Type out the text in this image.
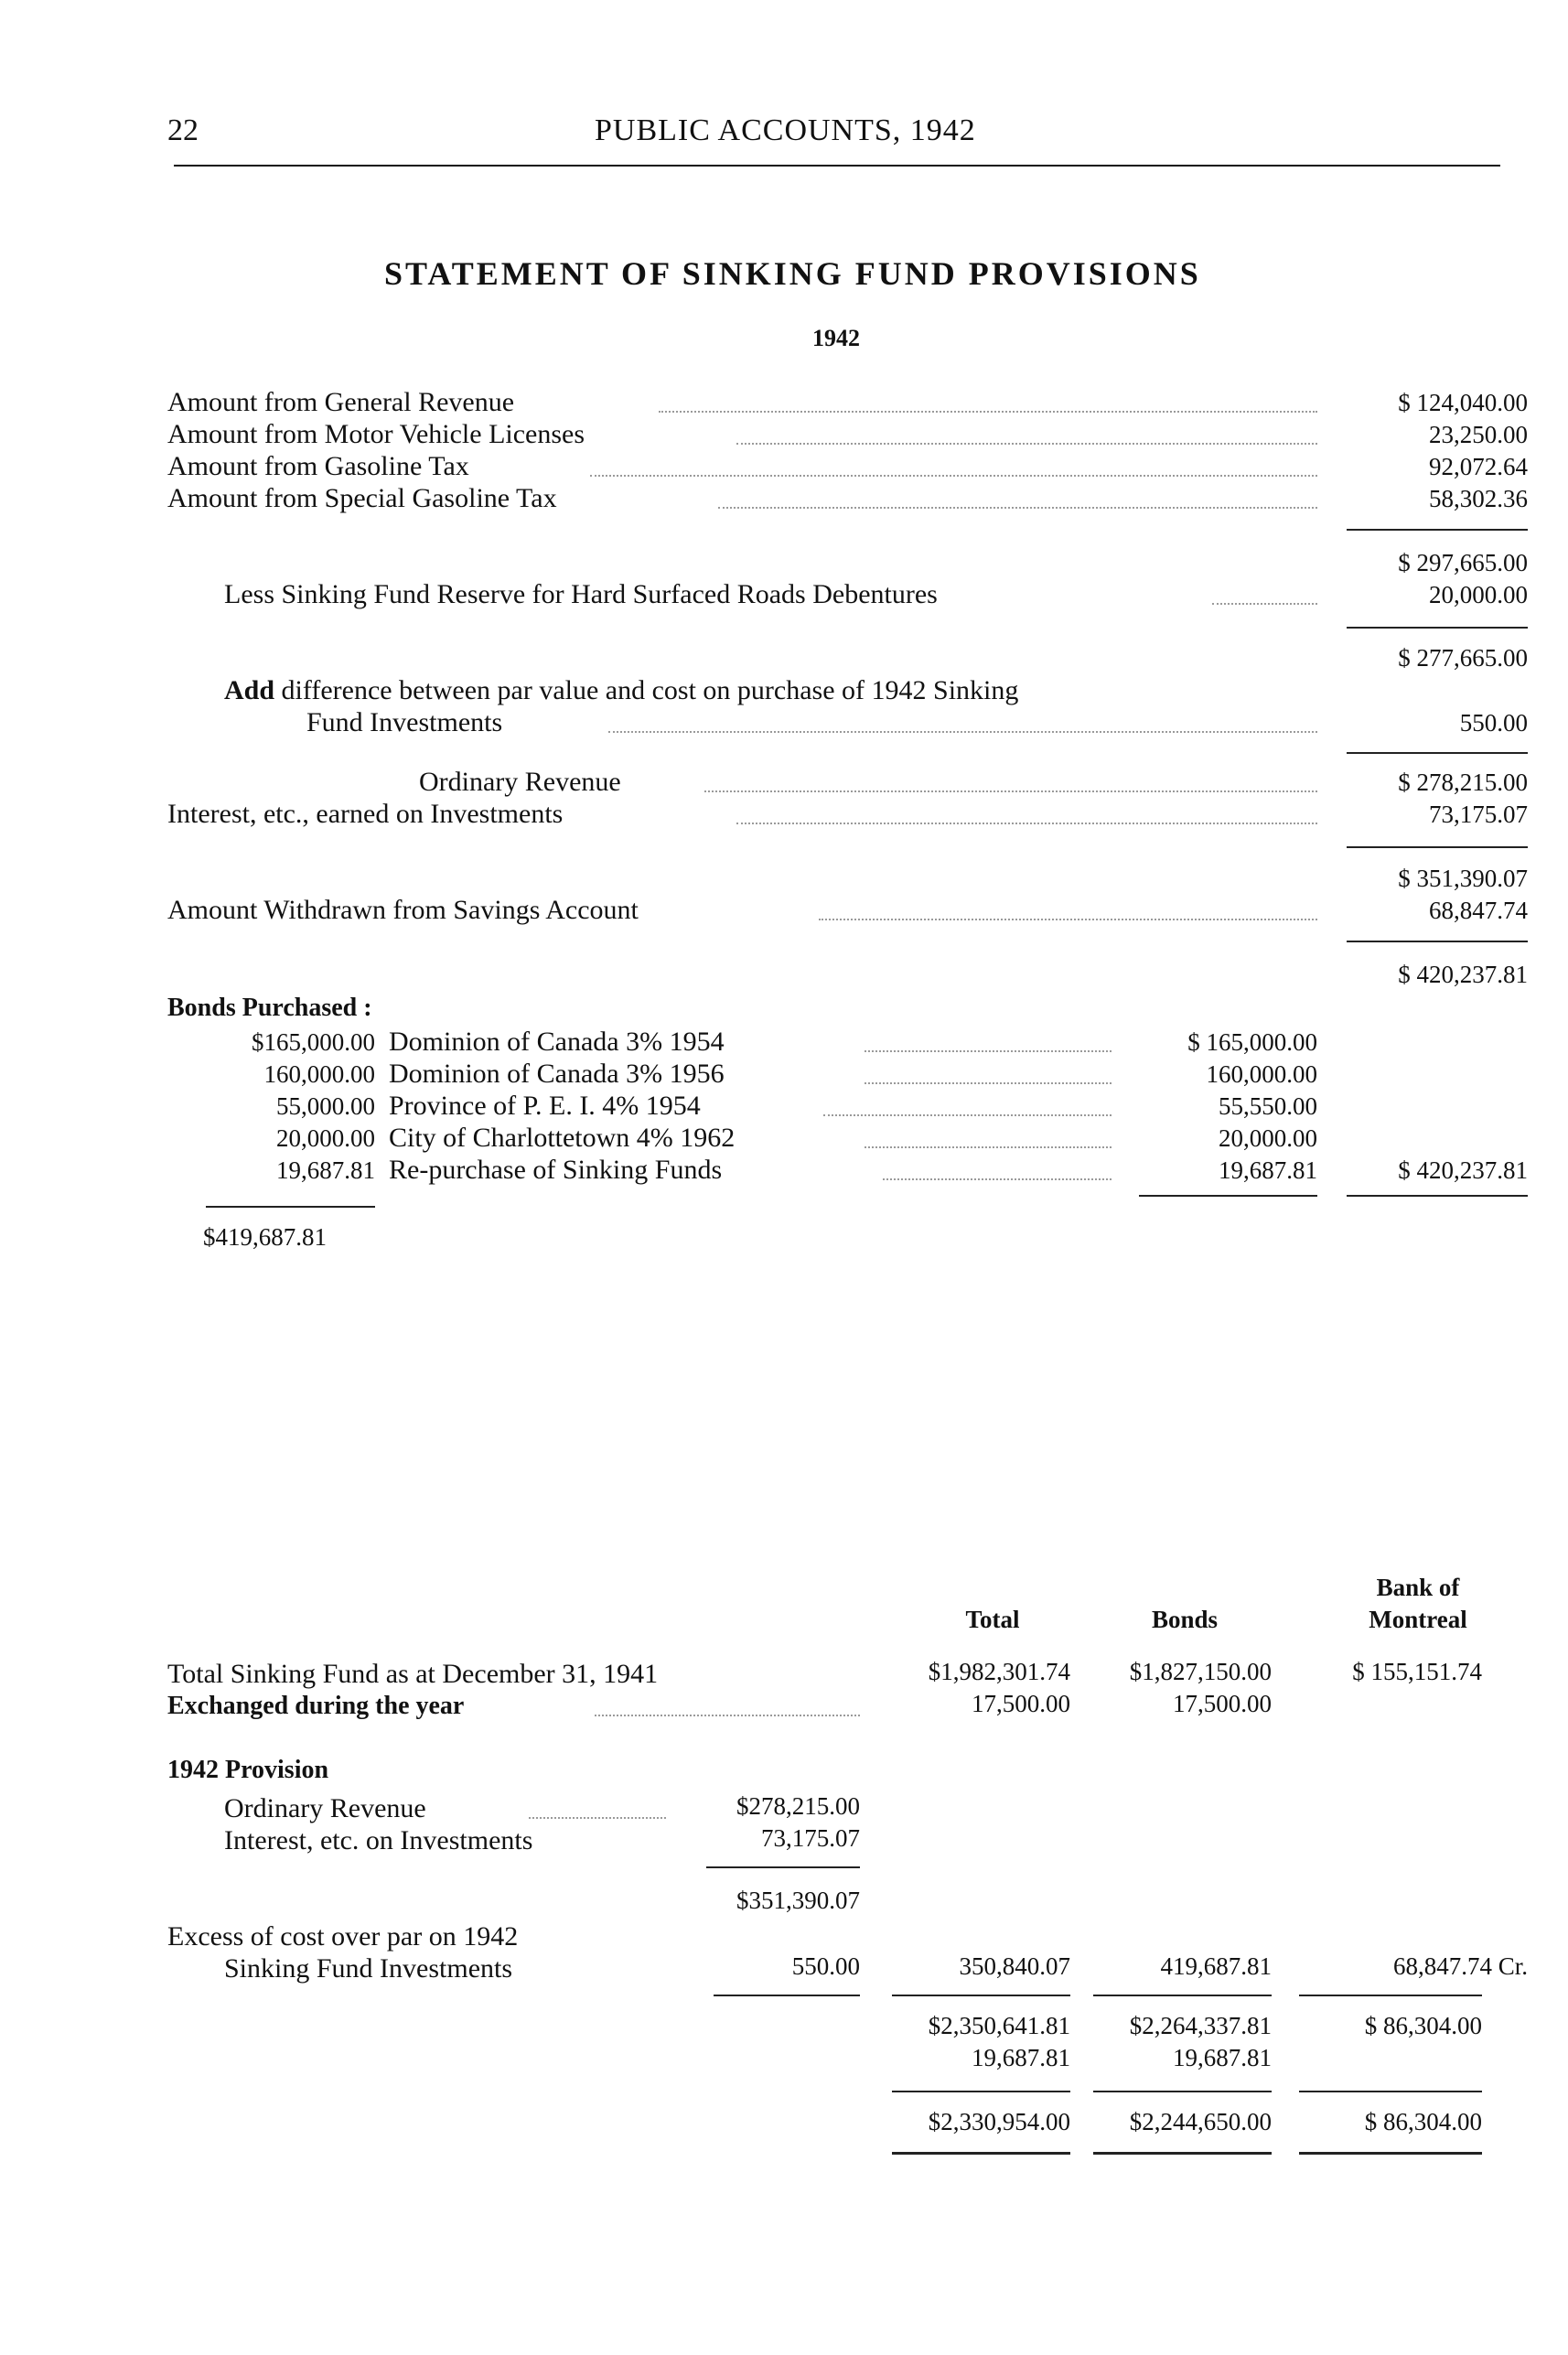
22	PUBLIC ACCOUNTS, 1942
STATEMENT OF SINKING FUND PROVISIONS
1942
Amount from General Revenue	$ 124,040.00
Amount from Motor Vehicle Licenses	23,250.00
Amount from Gasoline Tax	92,072.64
Amount from Special Gasoline Tax	58,302.36
$ 297,665.00
Less Sinking Fund Reserve for Hard Surfaced Roads Debentures	20,000.00
$ 277,665.00
Add difference between par value and cost on purchase of 1942 Sinking
Fund Investments	550.00
Ordinary Revenue	$ 278,215.00
Interest, etc., earned on Investments	73,175.07
$ 351,390.07
Amount Withdrawn from Savings Account	68,847.74
$ 420,237.81
Bonds Purchased :
$165,000.00 Dominion of Canada 3% 1954	$ 165,000.00
160,000.00 Dominion of Canada 3% 1956	160,000.00
55,000.00 Province of P. E. I. 4% 1954	55,550.00
20,000.00 City of Charlottetown 4% 1962	20,000.00
19,687.81 Re-purchase of Sinking Funds	19,687.81	$ 420,237.81
$419,687.81
Bank of
Total	Bonds	Montreal
Total Sinking Fund as at December 31, 1941	$1,982,301.74	$1,827,150.00	$ 155,151.74
Exchanged during the year	17,500.00	17,500.00
1942 Provision
Ordinary Revenue	$278,215.00
Interest, etc. on Investments	73,175.07
$351,390.07
Excess of cost over par on 1942
Sinking Fund Investments	550.00	350,840.07	419,687.81	68,847.74 Cr.
$2,350,641.81	$2,264,337.81	$ 86,304.00
19,687.81	19,687.81
$2,330,954.00	$2,244,650.00	$ 86,304.00
